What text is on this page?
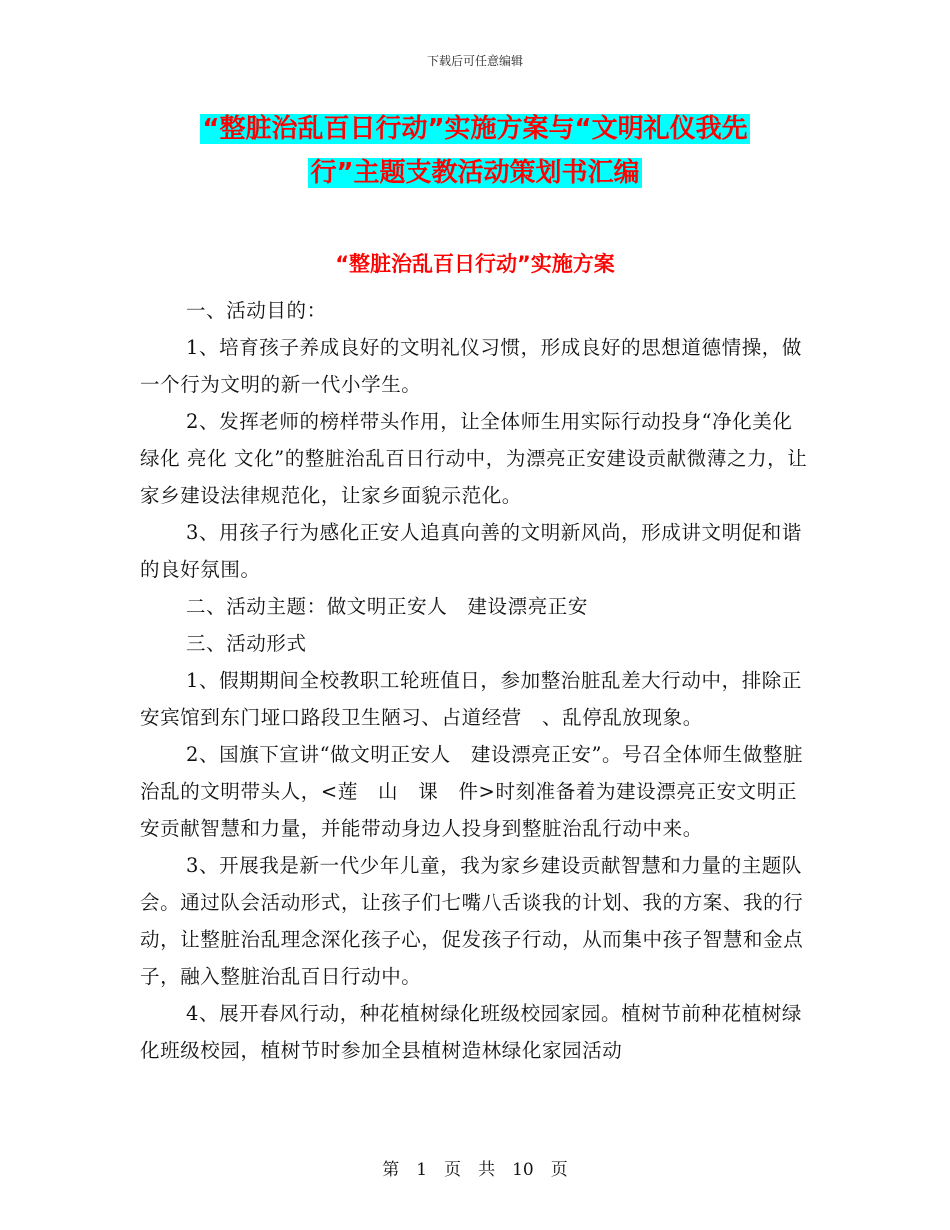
下载后可任意编辑
“整脏治乱百日行动”实施方案与“文明礼仪我先
行”主题支教活动策划书汇编
“整脏治乱百日行动”实施方案

一、活动目的：

1、培育孩子养成良好的文明礼仪习惯，形成良好的思想道德情操，做一个行为文明的新一代小学生。

2、发挥老师的榜样带头作用，让全体师生用实际行动投身“净化美化 绿化 亮化 文化”的整脏治乱百日行动中，为漂亮正安建设贡献微薄之力，让家乡建设法律规范化，让家乡面貌示范化。

3、用孩子行为感化正安人追真向善的文明新风尚，形成讲文明促和谐的良好氛围。

二、活动主题：做文明正安人　建设漂亮正安

三、活动形式

1、假期期间全校教职工轮班值日，参加整治脏乱差大行动中，排除正安宾馆到东门垭口路段卫生陋习、占道经营　、乱停乱放现象。

2、国旗下宣讲“做文明正安人　建设漂亮正安”。号召全体师生做整脏治乱的文明带头人，<莲　山　课　件>时刻准备着为建设漂亮正安文明正安贡献智慧和力量，并能带动身边人投身到整脏治乱行动中来。

3、开展我是新一代少年儿童，我为家乡建设贡献智慧和力量的主题队会。通过队会活动形式，让孩子们七嘴八舌谈我的计划、我的方案、我的行动，让整脏治乱理念深化孩子心，促发孩子行动，从而集中孩子智慧和金点子，融入整脏治乱百日行动中。

4、展开春风行动，种花植树绿化班级校园家园。植树节前种花植树绿化班级校园，植树节时参加全县植树造林绿化家园活动

第　1　页　共　10　页
